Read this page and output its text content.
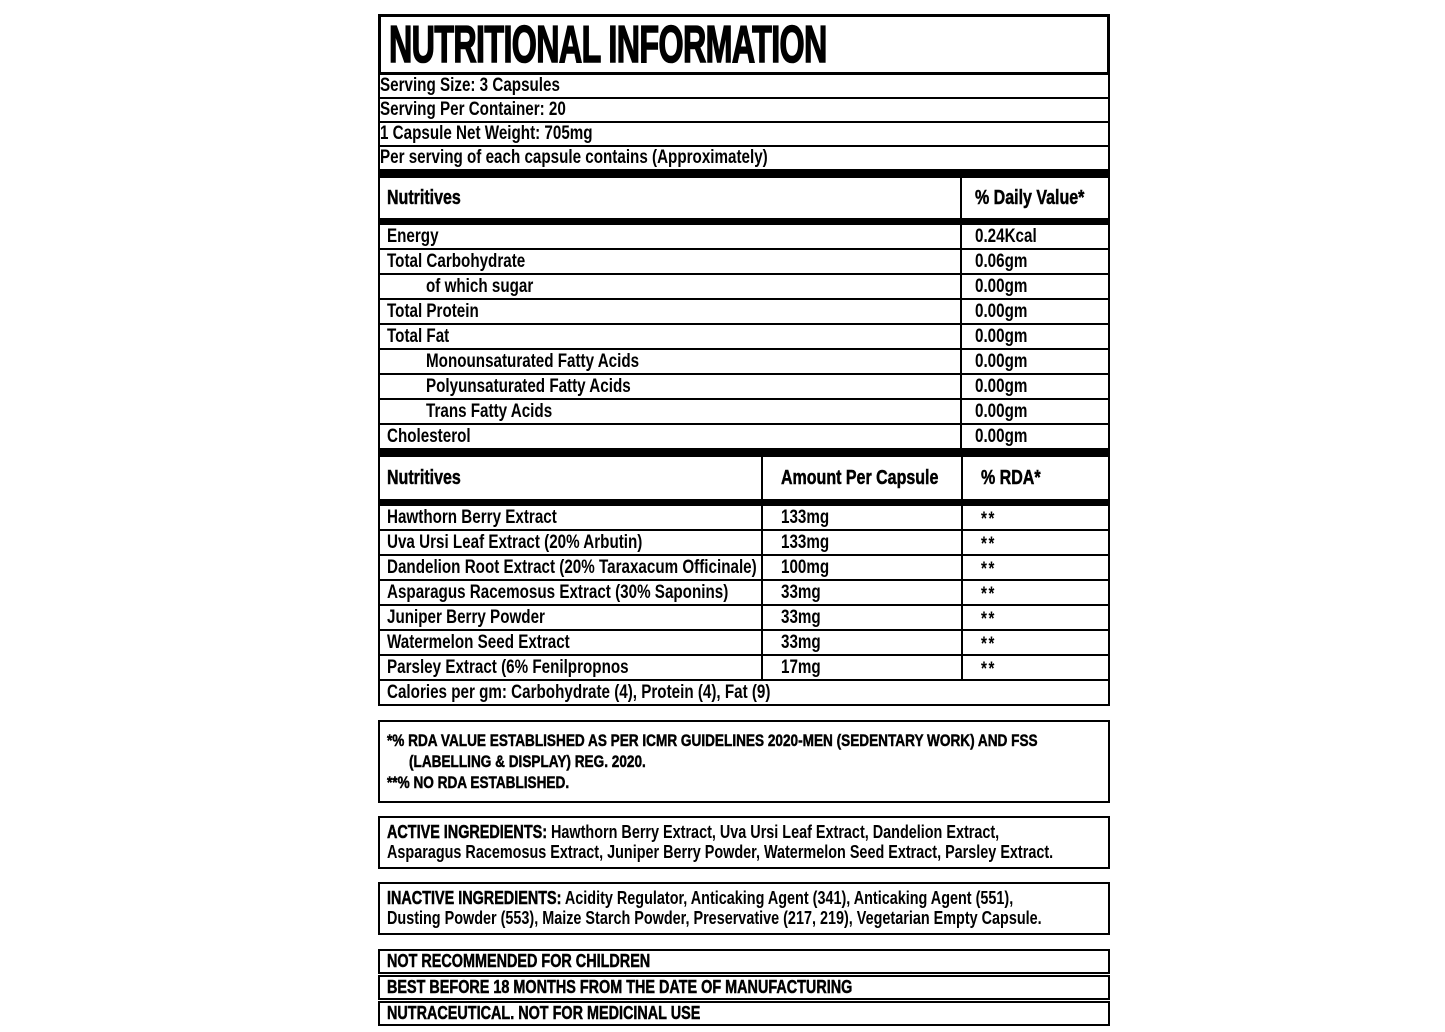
NUTRITIONAL INFORMATION
Serving Size: 3 Capsules
Serving Per Container: 20
1 Capsule Net Weight: 705mg
Per serving of each capsule contains (Approximately)
Nutritives	% Daily Value*
Energy	0.24Kcal
Total Carbohydrate	0.06gm
of which sugar	0.00gm
Total Protein	0.00gm
Total Fat	0.00gm
Monounsaturated Fatty Acids	0.00gm
Polyunsaturated Fatty Acids	0.00gm
Trans Fatty Acids	0.00gm
Cholesterol	0.00gm
Nutritives	Amount Per Capsule % RDA*
Hawthorn Berry Extract	133mg	**
Uva Ursi Leaf Extract (20% Arbutin)	133mg	**
Dandelion Root Extract (20% Taraxacum Officinale) 100mg	**
Asparagus Racemosus Extract (30% Saponins)	33mg	**
Juniper Berry Powder	33mg	**
Watermelon Seed Extract	33mg	**
Parsley Extract (6% Fenilpropnos	17mg	**
Calories per gm: Carbohydrate (4), Protein (4), Fat (9)
*% RDA VALUE ESTABLISHED AS PER ICMR GUIDELINES 2020-MEN (SEDENTARY WORK) AND FSS
(LABELLING & DISPLAY) REG. 2020.
**% NO RDA ESTABLISHED.
ACTIVE INGREDIENTS: Hawthorn Berry Extract, Uva Ursi Leaf Extract, Dandelion Extract,
Asparagus Racemosus Extract, Juniper Berry Powder, Watermelon Seed Extract, Parsley Extract.
INACTIVE INGREDIENTS: Acidity Regulator, Anticaking Agent (341), Anticaking Agent (551),
Dusting Powder (553), Maize Starch Powder, Preservative (217, 219), Vegetarian Empty Capsule.
NOT RECOMMENDED FOR CHILDREN
BEST BEFORE 18 MONTHS FROM THE DATE OF MANUFACTURING
NUTRACEUTICAL. NOT FOR MEDICINAL USE
